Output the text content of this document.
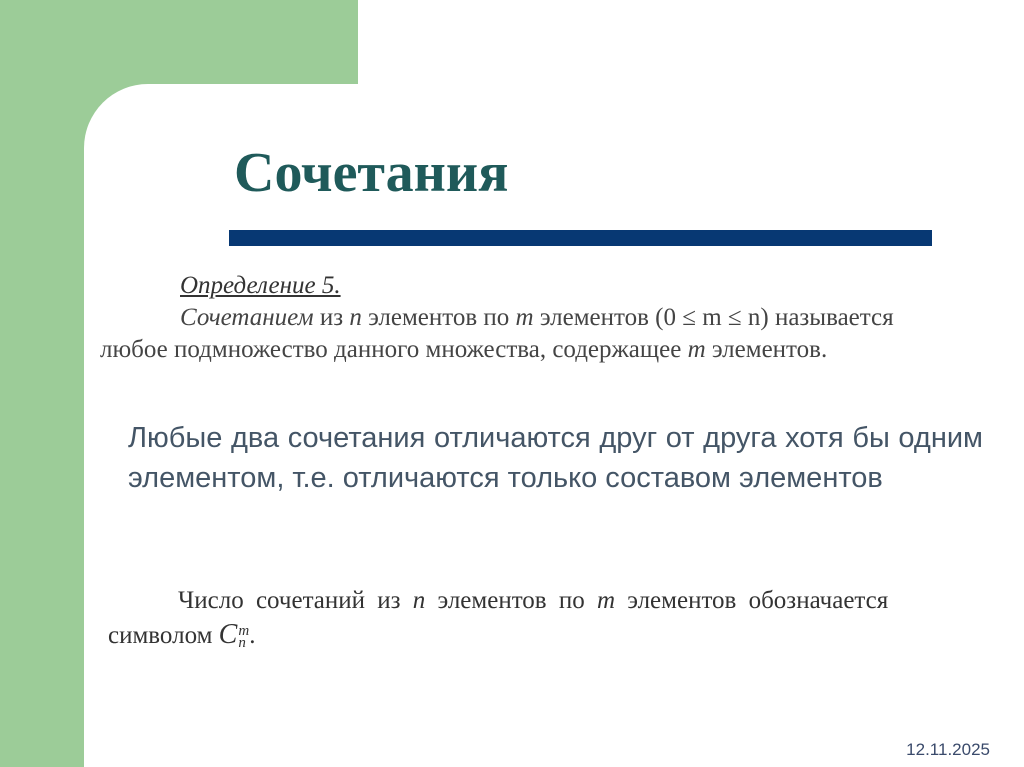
Сочетания
Определение 5.
Сочетанием из n элементов по m элементов (0 ≤ m ≤ n) называется
любое подмножество данного множества, содержащее m элементов.

Любые два сочетания отличаются друг от друга хотя бы одним элементом, т.е. отличаются только составом элементов

Число сочетаний из n элементов по m элементов обозначается
символом C m
n .
12.11.2025
